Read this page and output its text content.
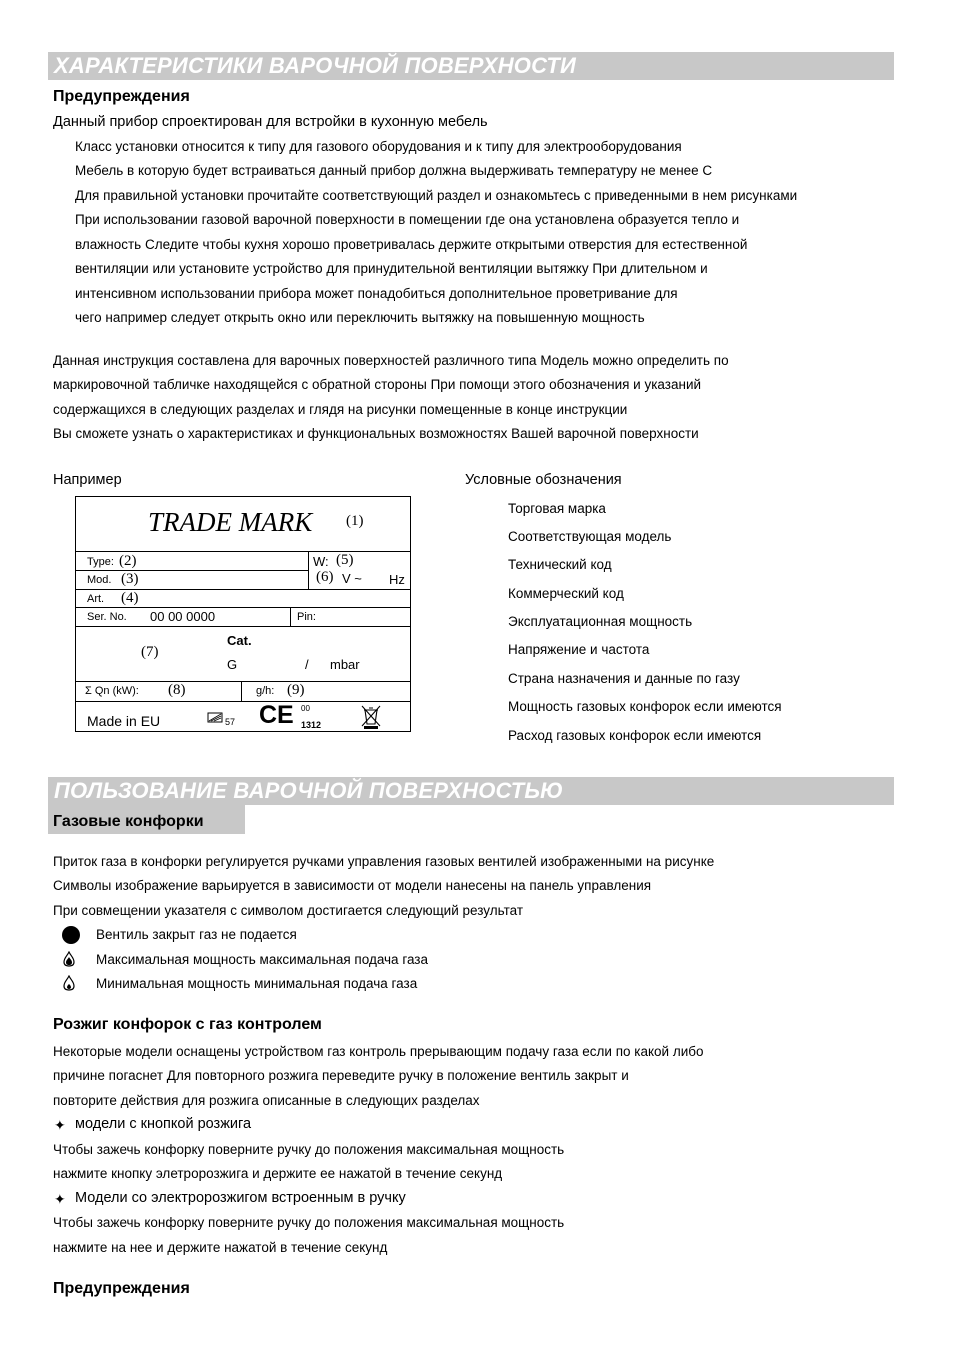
ХАРАКТЕРИСТИКИ ВАРОЧНОЙ ПОВЕРХНОСТИ
Предупреждения
Данный прибор спроектирован для встройки в кухонную мебель
Класс установки относится к типу для газового оборудования и к типу для электрооборудования
Мебель в которую будет встраиваться данный прибор должна выдерживать температуру не менее С
Для правильной установки прочитайте соответствующий раздел и ознакомьтесь с приведенными в нем рисунками
При использовании газовой варочной поверхности в помещении где она установлена образуется тепло и
влажность Следите чтобы кухня хорошо проветривалась держите открытыми отверстия для естественной
вентиляции или установите устройство для принудительной вентиляции вытяжку При длительном и
интенсивном использовании прибора может понадобиться дополнительное проветривание для
чего например следует открыть окно или переключить вытяжку на повышенную мощность
Данная инструкция составлена для варочных поверхностей различного типа Модель можно определить по
маркировочной табличке находящейся с обратной стороны При помощи этого обозначения и указаний
содержащихся в следующих разделах и глядя на рисунки помещенные в конце инструкции
Вы сможете узнать о характеристиках и функциональных возможностях Вашей варочной поверхности
Например	Условные обозначения
Торговая марка
Соответствующая модель
Технический код
Коммерческий код
Эксплуатационная мощность
Напряжение и частота
Страна назначения и данные по газу
Мощность газовых конфорок если имеются
Расход газовых конфорок если имеются
TRADE MARK (1)
Type: (2)	W: (5)
Mod. (3)	(6) V ~ Hz
Art. (4)
Ser. No. 00 00 0000	Pin:
(7)
Cat.
G	/ mbar
Σ Qn (kW): (8)	g/h: (9)
Made in EU	57 CE 00
1312
ПОЛЬЗОВАНИЕ ВАРОЧНОЙ ПОВЕРХНОСТЬЮ
Газовые конфорки
Приток газа в конфорки регулируется ручками управления газовых вентилей изображенными на рисунке
Символы изображение варьируется в зависимости от модели нанесены на панель управления
При совмещении указателя с символом достигается следующий результат
Вентиль закрыт газ не подается
Максимальная мощность максимальная подача газа
Минимальная мощность минимальная подача газа
Розжиг конфорок с газ контролем
Некоторые модели оснащены устройством газ контроль прерывающим подачу газа если по какой либо
причине погаснет Для повторного розжига переведите ручку в положение вентиль закрыт и
повторите действия для розжига описанные в следующих разделах
✦ модели с кнопкой розжига
Чтобы зажечь конфорку поверните ручку до положения максимальная мощность
нажмите кнопку элетророзжига и держите ее нажатой в течение секунд
✦ Модели со электророзжигом встроенным в ручку
Чтобы зажечь конфорку поверните ручку до положения максимальная мощность
нажмите на нее и держите нажатой в течение секунд
Предупреждения
